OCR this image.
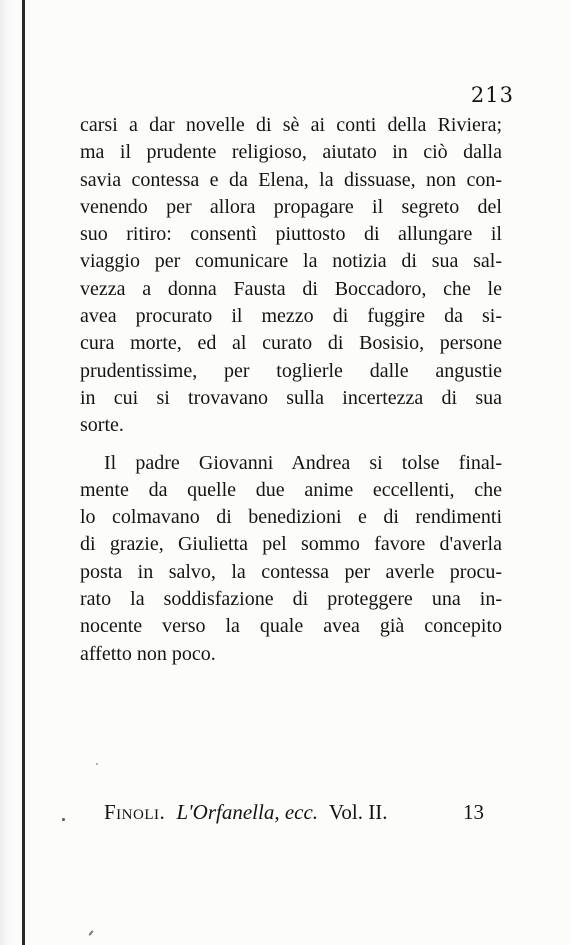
213
carsi a dar novelle di sè ai conti della Riviera;
ma il prudente religioso, aiutato in ciò dalla
savia contessa e da Elena, la dissuase, non con-
venendo per allora propagare il segreto del
suo ritiro: consentì piuttosto di allungare il
viaggio per comunicare la notizia di sua sal-
vezza a donna Fausta di Boccadoro, che le
avea procurato il mezzo di fuggire da si-
cura morte, ed al curato di Bosisio, persone
prudentissime, per toglierle dalle angustie
in cui si trovavano sulla incertezza di sua
sorte.
Il padre Giovanni Andrea si tolse final-
mente da quelle due anime eccellenti, che
lo colmavano di benedizioni e di rendimenti
di grazie, Giulietta pel sommo favore d'averla
posta in salvo, la contessa per averle procu-
rato la soddisfazione di proteggere una in-
nocente verso la quale avea già concepito
affetto non poco.
Finoli. L'Orfanella, ecc. Vol. II.	13
